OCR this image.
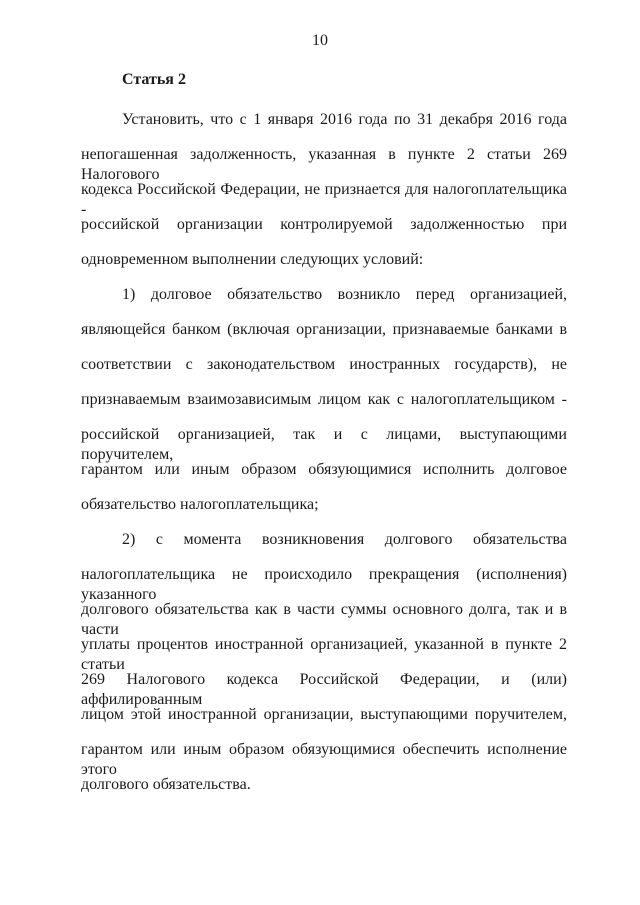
10
Статья 2
Установить, что с 1 января 2016 года по 31 декабря 2016 года
непогашенная задолженность, указанная в пункте 2 статьи 269 Налогового
кодекса Российской Федерации, не признается для налогоплательщика -
российской организации контролируемой задолженностью при
одновременном выполнении следующих условий:
1) долговое обязательство возникло перед организацией,
являющейся банком (включая организации, признаваемые банками в
соответствии с законодательством иностранных государств), не
признаваемым взаимозависимым лицом как с налогоплательщиком -
российской организацией, так и с лицами, выступающими поручителем,
гарантом или иным образом обязующимися исполнить долговое
обязательство налогоплательщика;
2) с момента возникновения долгового обязательства
налогоплательщика не происходило прекращения (исполнения) указанного
долгового обязательства как в части суммы основного долга, так и в части
уплаты процентов иностранной организацией, указанной в пункте 2 статьи
269 Налогового кодекса Российской Федерации, и (или) аффилированным
лицом этой иностранной организации, выступающими поручителем,
гарантом или иным образом обязующимися обеспечить исполнение этого
долгового обязательства.
